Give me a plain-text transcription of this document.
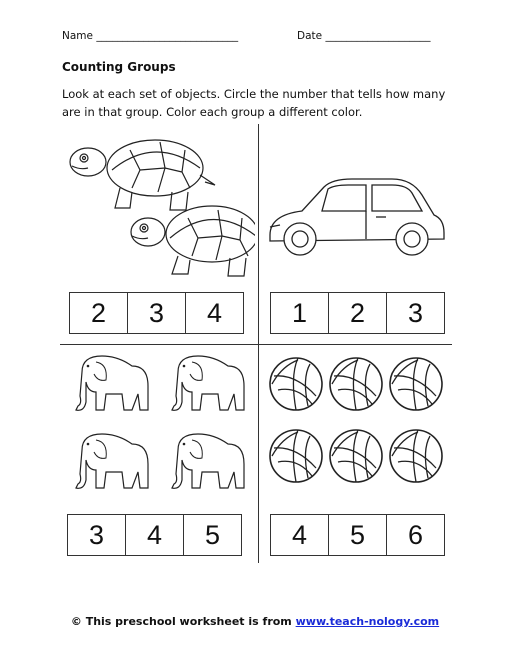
Name ___________________________	Date ____________________
Counting Groups
Look at each set of objects. Circle the number that tells how many are in that group. Color each group a different color.
2	3	4	1	2	3
3	4	5	4	5	6
© This preschool worksheet is from www.teach-nology.com
